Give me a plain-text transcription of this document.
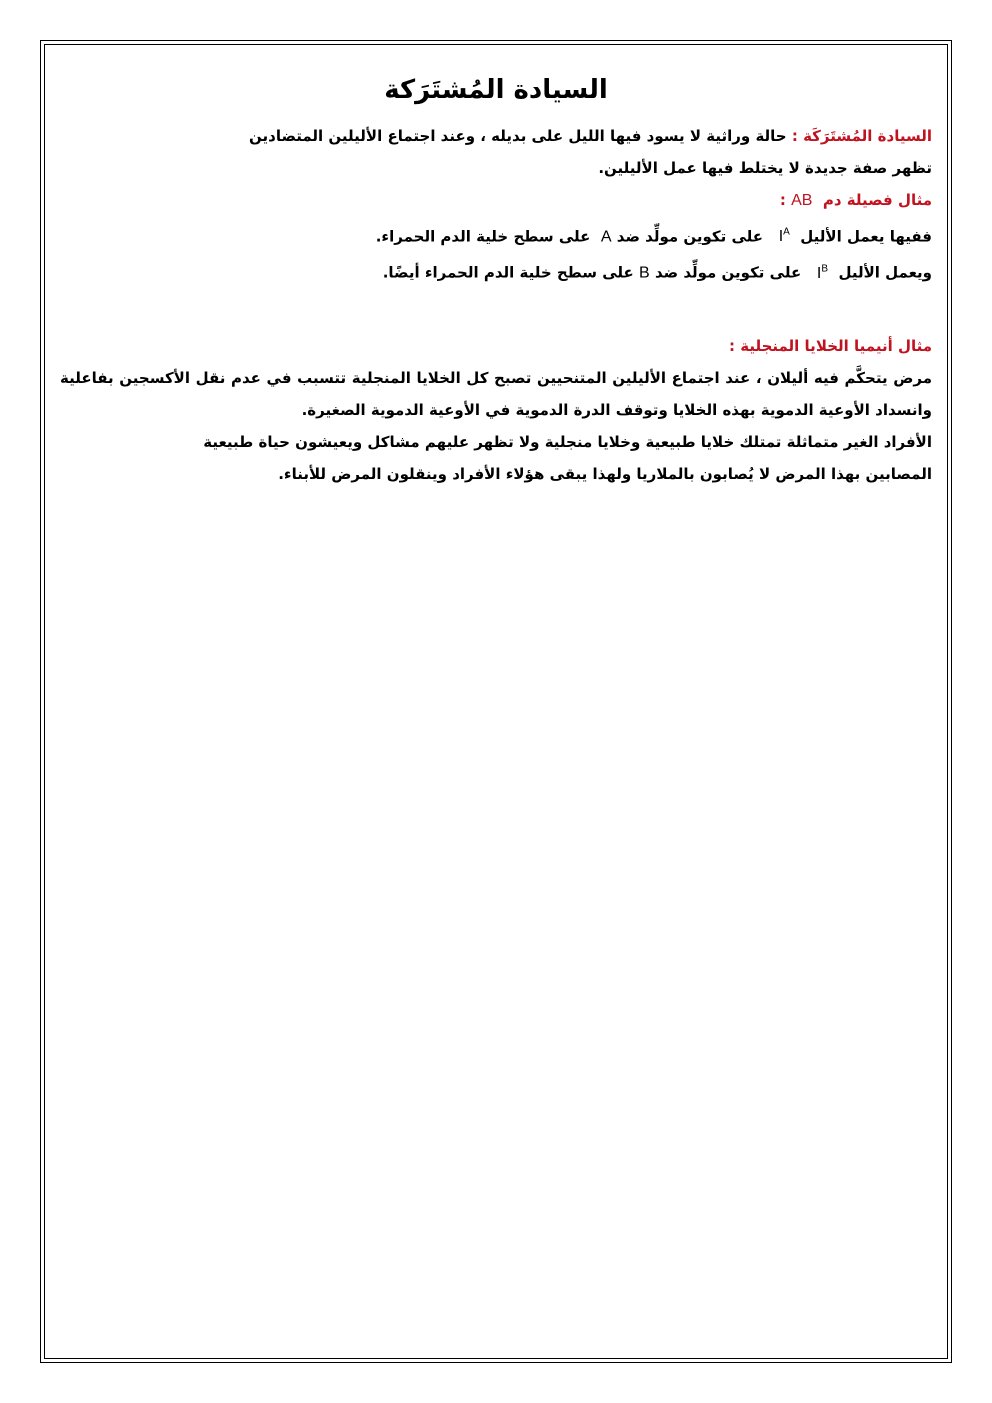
السيادة المُشتَرَكة

السيادة المُشتَرَكَة : حالة وراثية لا يسود فيها الليل على بديله ، وعند اجتماع الأليلين المتضادين

تظهر صفة جديدة لا يختلط فيها عمل الأليلين.

مثال فصيلة دم  AB :

ففيها يعمل الأليل  $I^A$   على تكوين مولِّد ضد A  على سطح خلية الدم الحمراء.

ويعمل الأليل  $I^B$   على تكوين مولِّد ضد B على سطح خلية الدم الحمراء أيضًا.

مثال أنيميا الخلايا المنجلية :

مرض يتحكَّم فيه أليلان ، عند اجتماع الأليلين المتنحيين تصبح كل الخلايا المنجلية تتسبب في عدم نقل الأكسجين بفاعلية وانسداد الأوعية الدموية بهذه الخلايا وتوقف الدرة الدموية في الأوعية الدموية الصغيرة.

الأفراد الغير متماثلة تمتلك خلايا طبيعية وخلايا منجلية ولا تظهر عليهم مشاكل ويعيشون حياة طبيعية

المصابين بهذا المرض لا يُصابون بالملاريا ولهذا يبقى هؤلاء الأفراد وينقلون المرض للأبناء.
